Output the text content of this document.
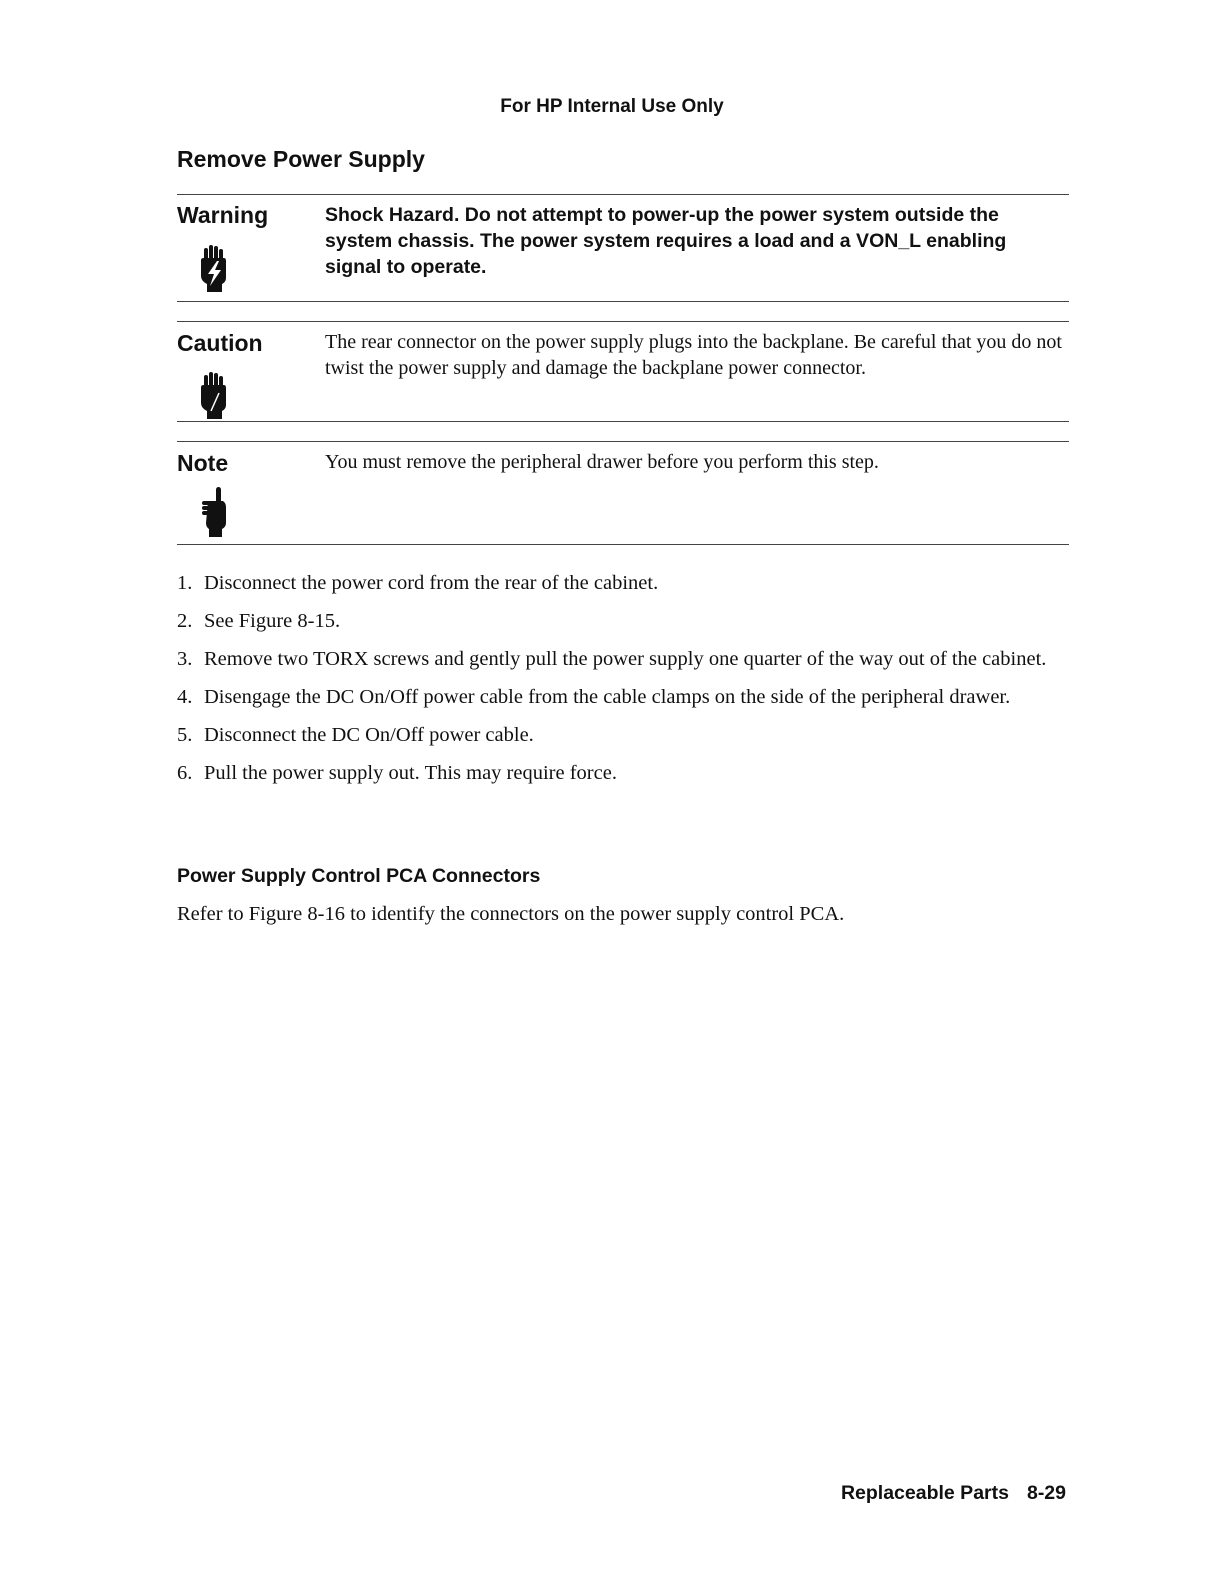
For HP Internal Use Only
Remove Power Supply
Warning	Shock Hazard. Do not attempt to power-up the power system outside the system chassis. The power system requires a load and a VON_L enabling signal to operate.
Caution	The rear connector on the power supply plugs into the backplane. Be careful that you do not twist the power supply and damage the backplane power connector.
Note	You must remove the peripheral drawer before you perform this step.
1. Disconnect the power cord from the rear of the cabinet.
2. See Figure 8-15.
3. Remove two TORX screws and gently pull the power supply one quarter of the way out of the cabinet.
4. Disengage the DC On/Off power cable from the cable clamps on the side of the peripheral drawer.
5. Disconnect the DC On/Off power cable.
6. Pull the power supply out. This may require force.
Power Supply Control PCA Connectors
Refer to Figure 8-16 to identify the connectors on the power supply control PCA.
Replaceable Parts 8-29
